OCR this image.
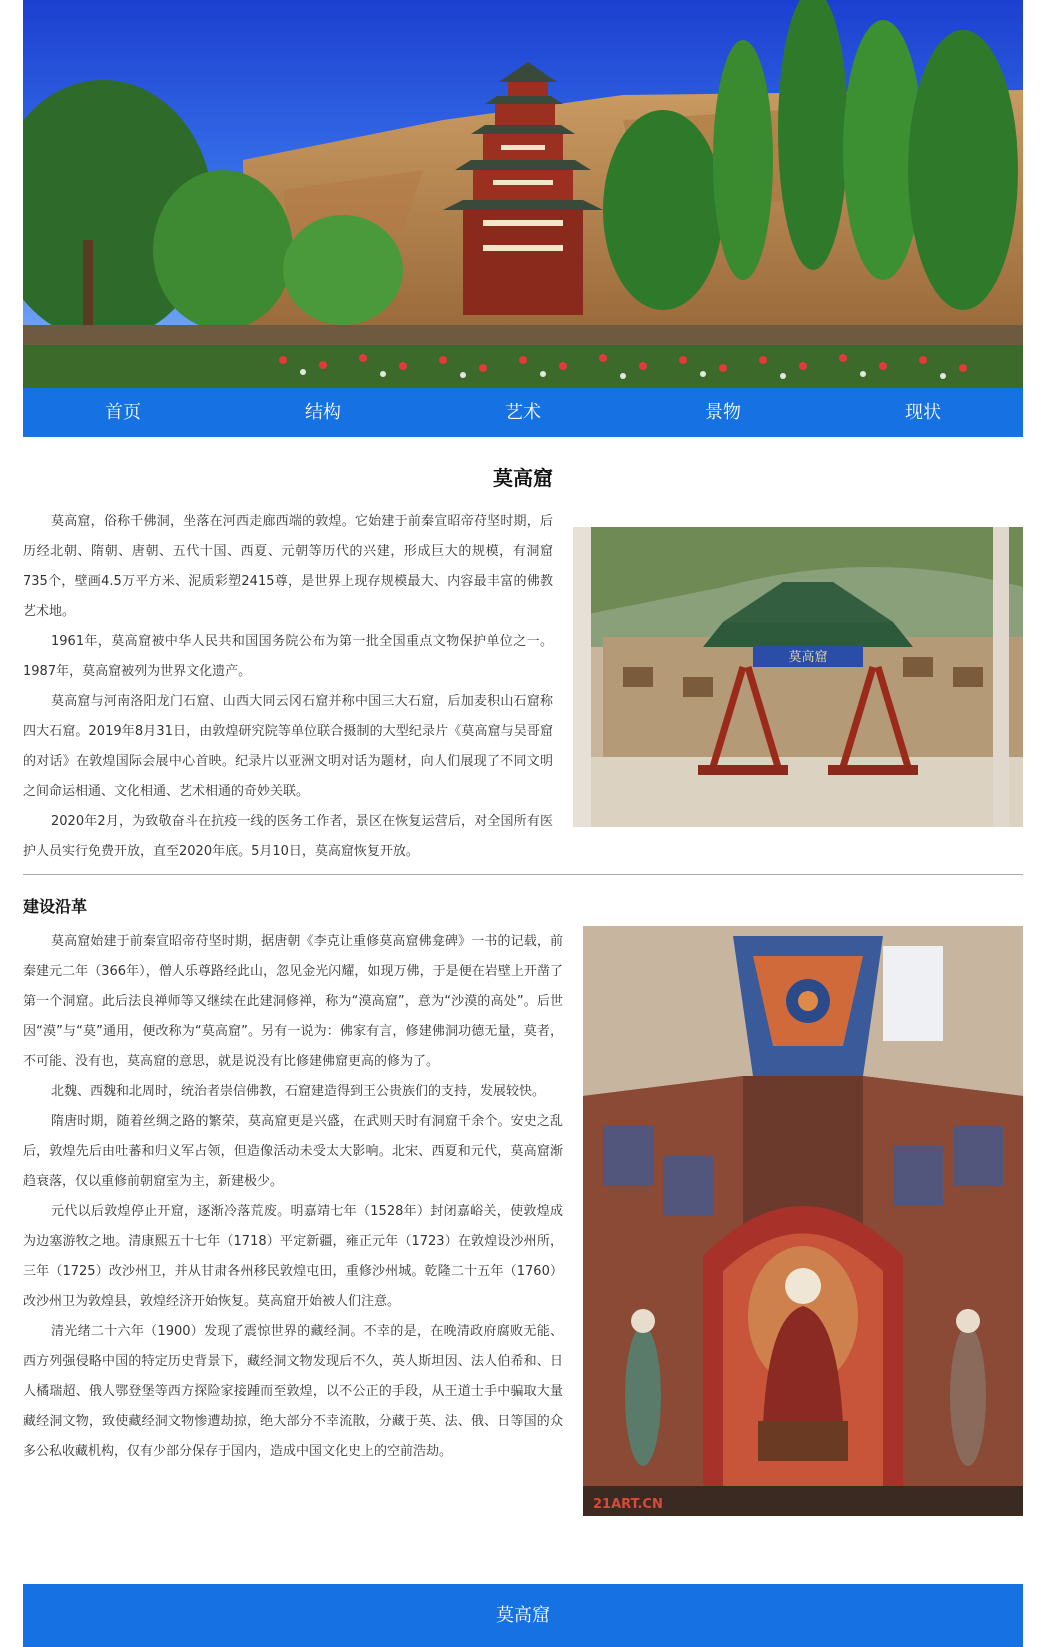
首页	结构	艺术	景物	现状
莫高窟

莫高窟，俗称千佛洞，坐落在河西走廊西端的敦煌。它始建于前秦宣昭帝苻坚时期，后历经北朝、隋朝、唐朝、五代十国、西夏、元朝等历代的兴建，形成巨大的规模，有洞窟735个，壁画4.5万平方米、泥质彩塑2415尊，是世界上现存规模最大、内容最丰富的佛教艺术地。

1961年，莫高窟被中华人民共和国国务院公布为第一批全国重点文物保护单位之一。1987年，莫高窟被列为世界文化遗产。

莫高窟与河南洛阳龙门石窟、山西大同云冈石窟并称中国三大石窟，后加麦积山石窟称四大石窟。2019年8月31日，由敦煌研究院等单位联合摄制的大型纪录片《莫高窟与吴哥窟的对话》在敦煌国际会展中心首映。纪录片以亚洲文明对话为题材，向人们展现了不同文明之间命运相通、文化相通、艺术相通的奇妙关联。

2020年2月，为致敬奋斗在抗疫一线的医务工作者，景区在恢复运营后，对全国所有医护人员实行免费开放，直至2020年底。5月10日，莫高窟恢复开放。

莫高窟
建设沿革

莫高窟始建于前秦宣昭帝苻坚时期，据唐朝《李克让重修莫高窟佛龛碑》一书的记载，前秦建元二年（366年），僧人乐尊路经此山，忽见金光闪耀，如现万佛，于是便在岩壁上开凿了第一个洞窟。此后法良禅师等又继续在此建洞修禅，称为“漠高窟”，意为“沙漠的高处”。后世因“漠”与“莫”通用，便改称为“莫高窟”。另有一说为：佛家有言，修建佛洞功德无量，莫者，不可能、没有也，莫高窟的意思，就是说没有比修建佛窟更高的修为了。

北魏、西魏和北周时，统治者崇信佛教，石窟建造得到王公贵族们的支持，发展较快。

隋唐时期，随着丝绸之路的繁荣，莫高窟更是兴盛，在武则天时有洞窟千余个。安史之乱后，敦煌先后由吐蕃和归义军占领，但造像活动未受太大影响。北宋、西夏和元代，莫高窟渐趋衰落，仅以重修前朝窟室为主，新建极少。

元代以后敦煌停止开窟，逐渐冷落荒废。明嘉靖七年（1528年）封闭嘉峪关，使敦煌成为边塞游牧之地。清康熙五十七年（1718）平定新疆，雍正元年（1723）在敦煌设沙州所，三年（1725）改沙州卫，并从甘肃各州移民敦煌屯田，重修沙州城。乾隆二十五年（1760）改沙州卫为敦煌县，敦煌经济开始恢复。莫高窟开始被人们注意。

清光绪二十六年（1900）发现了震惊世界的藏经洞。不幸的是，在晚清政府腐败无能、西方列强侵略中国的特定历史背景下，藏经洞文物发现后不久，英人斯坦因、法人伯希和、日人橘瑞超、俄人鄂登堡等西方探险家接踵而至敦煌，以不公正的手段，从王道士手中骗取大量藏经洞文物，致使藏经洞文物惨遭劫掠，绝大部分不幸流散，分藏于英、法、俄、日等国的众多公私收藏机构，仅有少部分保存于国内，造成中国文化史上的空前浩劫。

21ART.CN
莫高窟
